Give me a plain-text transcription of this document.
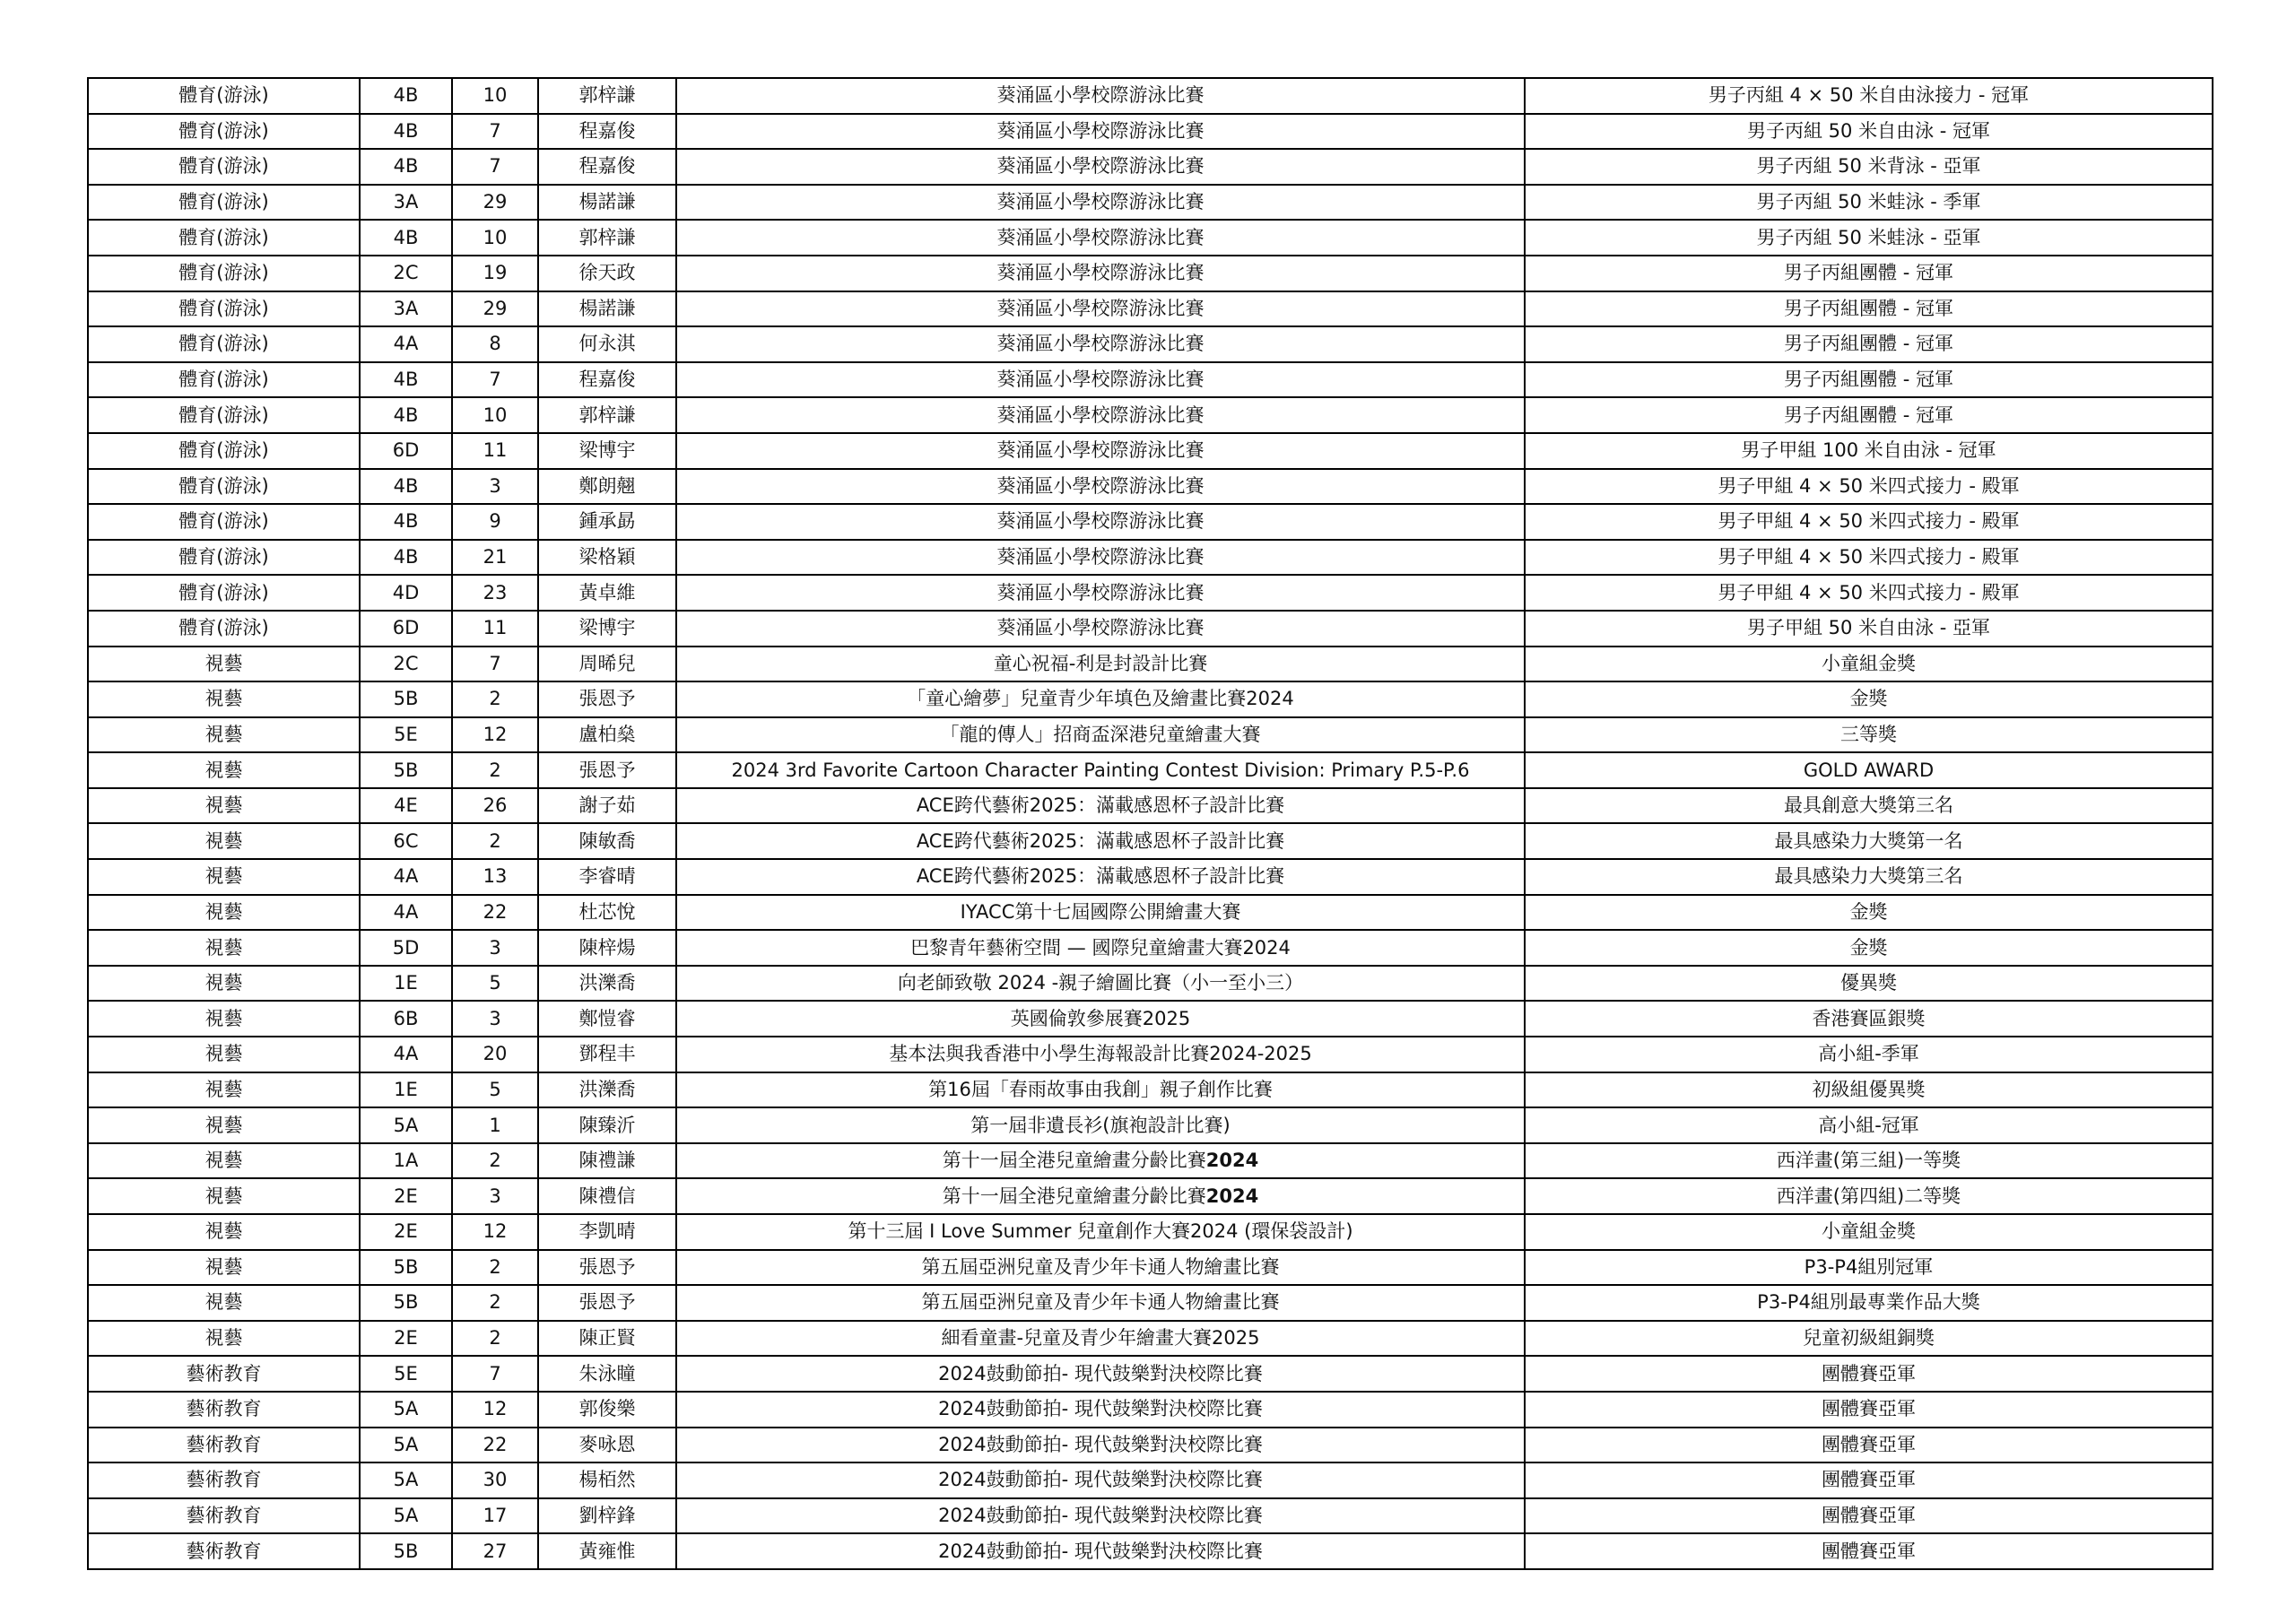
體育(游泳)	4B	10	郭梓謙	葵涌區小學校際游泳比賽	男子丙組 4 × 50 米自由泳接力 - 冠軍
體育(游泳)	4B	7	程嘉俊	葵涌區小學校際游泳比賽	男子丙組 50 米自由泳 - 冠軍
體育(游泳)	4B	7	程嘉俊	葵涌區小學校際游泳比賽	男子丙組 50 米背泳 - 亞軍
體育(游泳)	3A	29	楊諾謙	葵涌區小學校際游泳比賽	男子丙組 50 米蛙泳 - 季軍
體育(游泳)	4B	10	郭梓謙	葵涌區小學校際游泳比賽	男子丙組 50 米蛙泳 - 亞軍
體育(游泳)	2C	19	徐天政	葵涌區小學校際游泳比賽	男子丙組團體 - 冠軍
體育(游泳)	3A	29	楊諾謙	葵涌區小學校際游泳比賽	男子丙組團體 - 冠軍
體育(游泳)	4A	8	何永淇	葵涌區小學校際游泳比賽	男子丙組團體 - 冠軍
體育(游泳)	4B	7	程嘉俊	葵涌區小學校際游泳比賽	男子丙組團體 - 冠軍
體育(游泳)	4B	10	郭梓謙	葵涌區小學校際游泳比賽	男子丙組團體 - 冠軍
體育(游泳)	6D	11	梁博宇	葵涌區小學校際游泳比賽	男子甲組 100 米自由泳 - 冠軍
體育(游泳)	4B	3	鄭朗翹	葵涌區小學校際游泳比賽	男子甲組 4 × 50 米四式接力 - 殿軍
體育(游泳)	4B	9	鍾承勗	葵涌區小學校際游泳比賽	男子甲組 4 × 50 米四式接力 - 殿軍
體育(游泳)	4B	21	梁格穎	葵涌區小學校際游泳比賽	男子甲組 4 × 50 米四式接力 - 殿軍
體育(游泳)	4D	23	黃卓維	葵涌區小學校際游泳比賽	男子甲組 4 × 50 米四式接力 - 殿軍
體育(游泳)	6D	11	梁博宇	葵涌區小學校際游泳比賽	男子甲組 50 米自由泳 - 亞軍
視藝	2C	7	周晞兒	童心祝福-利是封設計比賽	小童組金獎
視藝	5B	2	張恩予	「童心繪夢」兒童青少年填色及繪畫比賽2024	金獎
視藝	5E	12	盧柏燊	「龍的傳人」招商盃深港兒童繪畫大賽	三等獎
視藝	5B	2	張恩予	2024 3rd Favorite Cartoon Character Painting Contest Division: Primary P.5-P.6	GOLD AWARD
視藝	4E	26	謝子茹	ACE跨代藝術2025：滿載感恩杯子設計比賽	最具創意大獎第三名
視藝	6C	2	陳敏喬	ACE跨代藝術2025：滿載感恩杯子設計比賽	最具感染力大獎第一名
視藝	4A	13	李睿晴	ACE跨代藝術2025：滿載感恩杯子設計比賽	最具感染力大獎第三名
視藝	4A	22	杜芯悅	IYACC第十七屆國際公開繪畫大賽	金獎
視藝	5D	3	陳梓煬	巴黎青年藝術空間 — 國際兒童繪畫大賽2024	金獎
視藝	1E	5	洪濼喬	向老師致敬 2024 -親子繪圖比賽（小一至小三）	優異獎
視藝	6B	3	鄭愷睿	英國倫敦參展賽2025	香港賽區銀獎
視藝	4A	20	鄧程丰	基本法與我香港中小學生海報設計比賽2024-2025	高小組-季軍
視藝	1E	5	洪濼喬	第16屆「春雨故事由我創」親子創作比賽	初級組優異獎
視藝	5A	1	陳臻沂	第一屆非遺長衫(旗袍設計比賽)	高小組-冠軍
視藝	1A	2	陳禮謙	第十一屆全港兒童繪畫分齡比賽2024	西洋畫(第三組)一等獎
視藝	2E	3	陳禮信	第十一屆全港兒童繪畫分齡比賽2024	西洋畫(第四組)二等獎
視藝	2E	12	李凱晴	第十三屆 I Love Summer 兒童創作大賽2024 (環保袋設計)	小童組金獎
視藝	5B	2	張恩予	第五屆亞洲兒童及青少年卡通人物繪畫比賽	P3-P4組別冠軍
視藝	5B	2	張恩予	第五屆亞洲兒童及青少年卡通人物繪畫比賽	P3-P4組別最專業作品大獎
視藝	2E	2	陳正賢	細看童畫-兒童及青少年繪畫大賽2025	兒童初級組銅獎
藝術教育	5E	7	朱泳瞳	2024鼓動節拍- 現代鼓樂對決校際比賽	團體賽亞軍
藝術教育	5A	12	郭俊樂	2024鼓動節拍- 現代鼓樂對決校際比賽	團體賽亞軍
藝術教育	5A	22	麥咏恩	2024鼓動節拍- 現代鼓樂對決校際比賽	團體賽亞軍
藝術教育	5A	30	楊栢然	2024鼓動節拍- 現代鼓樂對決校際比賽	團體賽亞軍
藝術教育	5A	17	劉梓鋒	2024鼓動節拍- 現代鼓樂對決校際比賽	團體賽亞軍
藝術教育	5B	27	黃雍惟	2024鼓動節拍- 現代鼓樂對決校際比賽	團體賽亞軍
